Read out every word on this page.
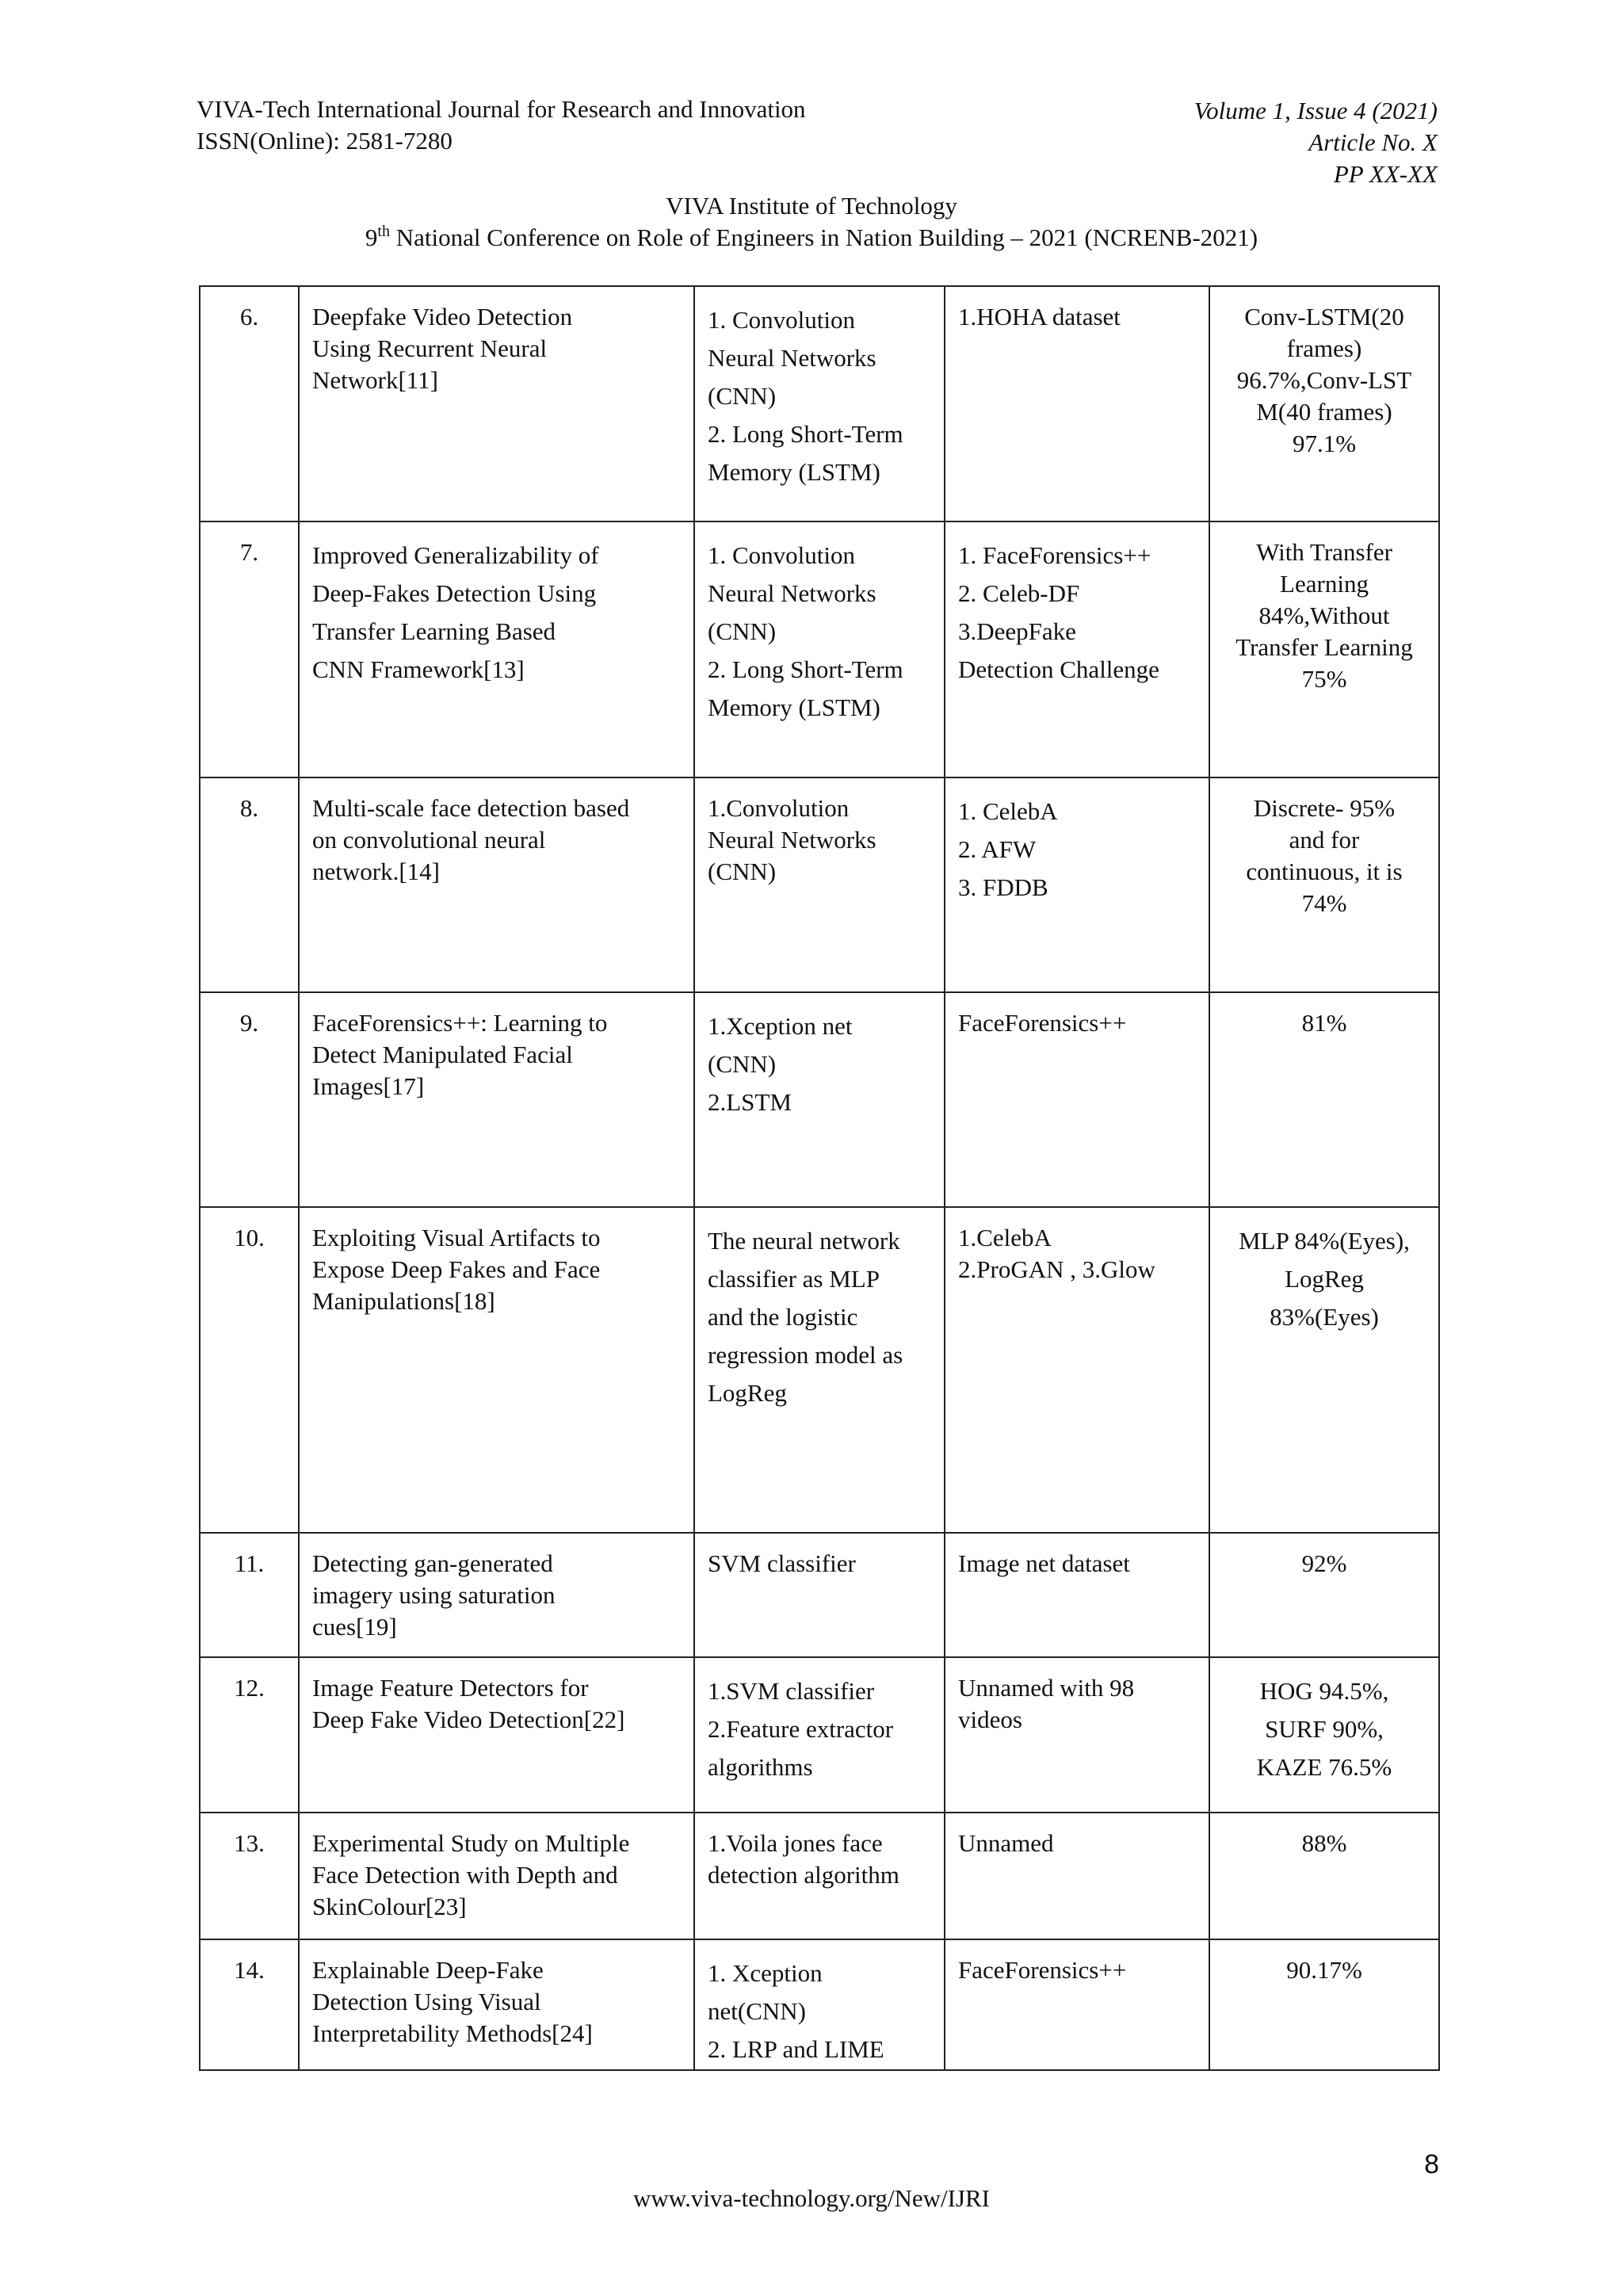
VIVA-Tech International Journal for Research and Innovation
ISSN(Online): 2581-7280
Volume 1, Issue 4 (2021)
Article No. X
PP XX-XX
VIVA Institute of Technology
9th National Conference on Role of Engineers in Nation Building – 2021 (NCRENB-2021)
6.	Deepfake Video Detection
Using Recurrent Neural
Network[11]	1. Convolution
Neural Networks
(CNN)
2. Long Short-Term
Memory (LSTM)	1.HOHA dataset	Conv-LSTM(20
frames)
96.7%,Conv-LST
M(40 frames)
97.1%

7.	Improved Generalizability of
Deep-Fakes Detection Using
Transfer Learning Based
CNN Framework[13]	1. Convolution
Neural Networks
(CNN)
2. Long Short-Term
Memory (LSTM)	1. FaceForensics++
2. Celeb-DF
3.DeepFake
Detection Challenge	With Transfer
Learning
84%,Without
Transfer Learning
75%

8.	Multi-scale face detection based
on convolutional neural
network.[14]	1.Convolution
Neural Networks
(CNN)	1. CelebA
2. AFW
3. FDDB	Discrete- 95%
and for
continuous, it is
74%

9.	FaceForensics++: Learning to
Detect Manipulated Facial
Images[17]	1.Xception net
(CNN)
2.LSTM	FaceForensics++	81%

10.	Exploiting Visual Artifacts to
Expose Deep Fakes and Face
Manipulations[18]	The neural network
classifier as MLP
and the logistic
regression model as
LogReg	1.CelebA
2.ProGAN , 3.Glow	MLP 84%(Eyes),
LogReg
83%(Eyes)

11.	Detecting gan-generated
imagery using saturation
cues[19]	SVM classifier	Image net dataset	92%

12.	Image Feature Detectors for
Deep Fake Video Detection[22]	1.SVM classifier
2.Feature extractor
algorithms	Unnamed with 98
videos	HOG 94.5%,
SURF 90%,
KAZE 76.5%

13.	Experimental Study on Multiple
Face Detection with Depth and
SkinColour[23]	1.Voila jones face
detection algorithm	Unnamed	88%

14.	Explainable Deep-Fake
Detection Using Visual
Interpretability Methods[24]	1. Xception
net(CNN)
2. LRP and LIME	FaceForensics++	90.17%
8
www.viva-technology.org/New/IJRI
